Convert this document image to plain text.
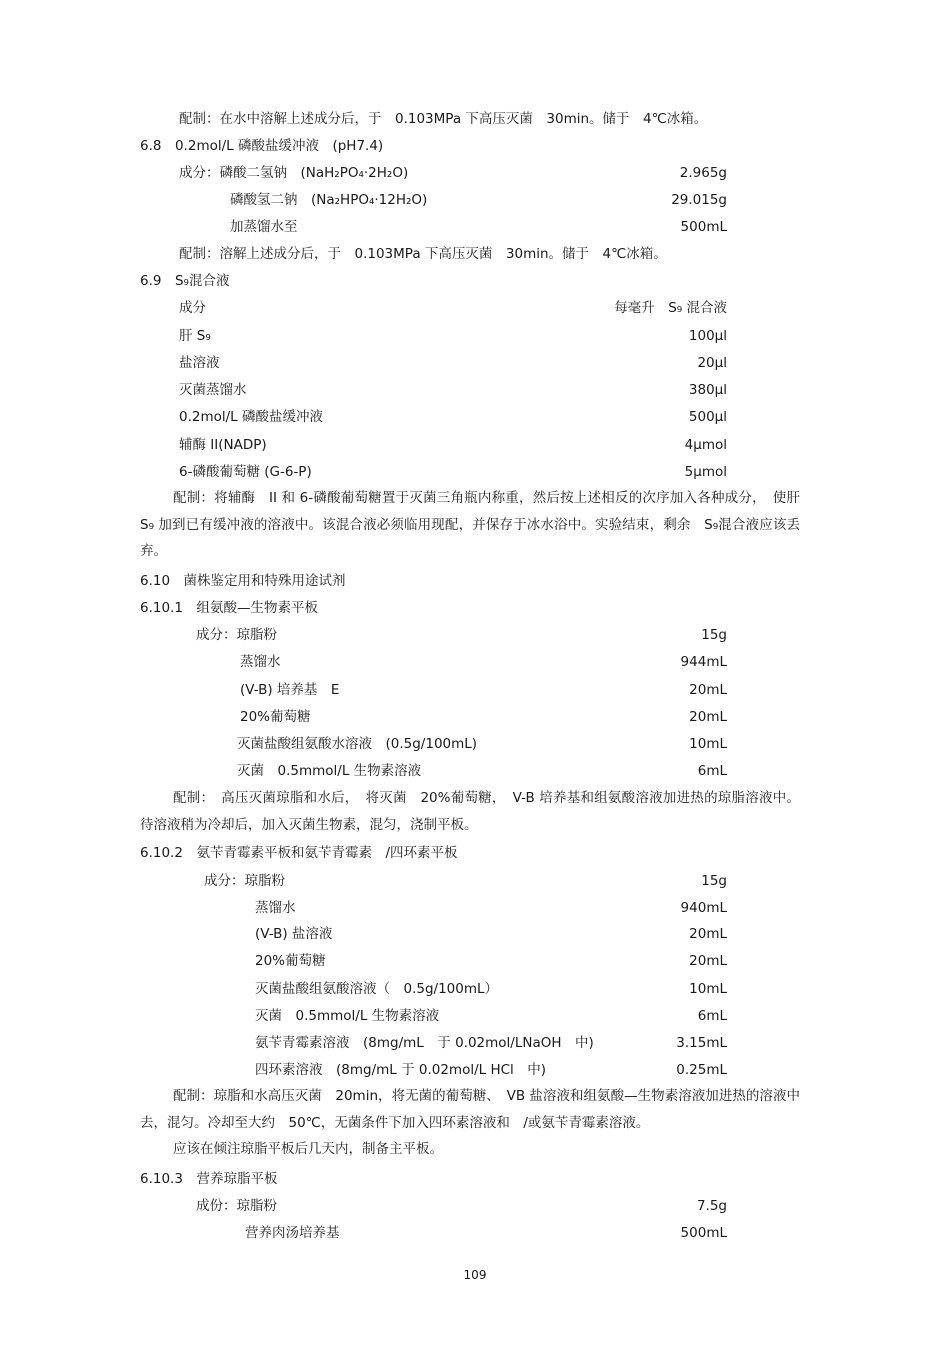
配制：在水中溶解上述成分后，于　0.103MPa 下高压灭菌　30min。储于　4℃冰箱。
6.8　0.2mol/L 磷酸盐缓冲液　(pH7.4)
成分：磷酸二氢钠　(NaH₂PO₄·2H₂O)	2.965g
磷酸氢二钠　(Na₂HPO₄·12H₂O)	29.015g
加蒸馏水至	500mL
配制：溶解上述成分后，于　0.103MPa 下高压灭菌　30min。储于　4℃冰箱。
6.9　S₉混合液
成分	每毫升　S₉ 混合液
肝 S₉	100µl
盐溶液	20µl
灭菌蒸馏水	380µl
0.2mol/L 磷酸盐缓冲液	500µl
辅酶 II(NADP)	4µmol
6-磷酸葡萄糖 (G-6-P)	5µmol

配制：将辅酶　II 和 6-磷酸葡萄糖置于灭菌三角瓶内称重，然后按上述相反的次序加入各种成分，　使肝　S₉ 加到已有缓冲液的溶液中。该混合液必须临用现配，并保存于冰水浴中。实验结束，剩余　S₉混合液应该丢弃。

6.10　菌株鉴定用和特殊用途试剂
6.10.1　组氨酸—生物素平板
成分：琼脂粉	15g
蒸馏水	944mL
(V-B) 培养基　E	20mL
20%葡萄糖	20mL
灭菌盐酸组氨酸水溶液　(0.5g/100mL)	10mL
灭菌　0.5mmol/L 生物素溶液	6mL

配制：　高压灭菌琼脂和水后，　将灭菌　20%葡萄糖，　V-B 培养基和组氨酸溶液加进热的琼脂溶液中。待溶液稍为冷却后，加入灭菌生物素，混匀，浇制平板。

6.10.2　氨苄青霉素平板和氨苄青霉素　/四环素平板
成分：琼脂粉	15g
蒸馏水	940mL
(V-B) 盐溶液	20mL
20%葡萄糖	20mL
灭菌盐酸组氨酸溶液（　0.5g/100mL）	10mL
灭菌　0.5mmol/L 生物素溶液	6mL
氨苄青霉素溶液　(8mg/mL　于 0.02mol/LNaOH　中)	3.15mL
四环素溶液　(8mg/mL 于 0.02mol/L HCl　中)	0.25mL

配制：琼脂和水高压灭菌　20min，将无菌的葡萄糖、　VB 盐溶液和组氨酸—生物素溶液加进热的溶液中去，混匀。冷却至大约　50℃，无菌条件下加入四环素溶液和　/或氨苄青霉素溶液。

应该在倾注琼脂平板后几天内，制备主平板。

6.10.3　营养琼脂平板
成份：琼脂粉	7.5g
营养肉汤培养基	500mL
109
